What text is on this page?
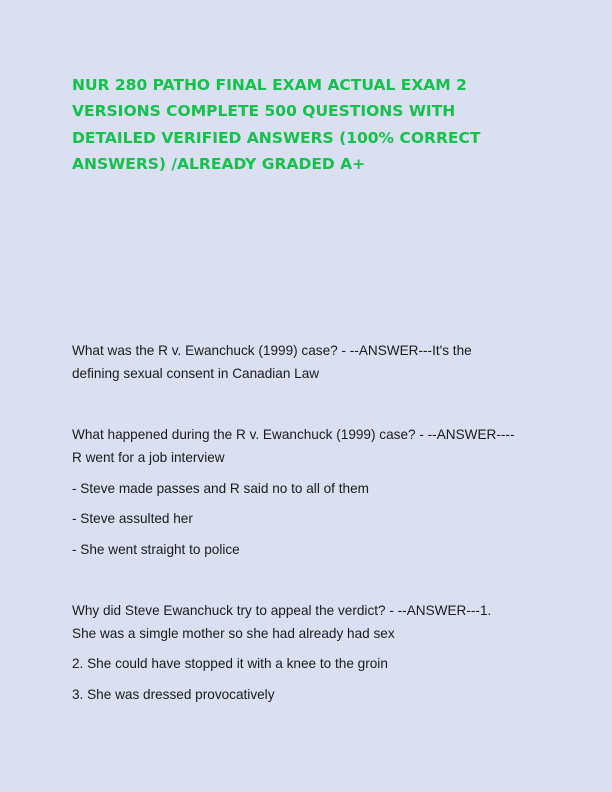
NUR 280 PATHO FINAL EXAM ACTUAL EXAM 2
VERSIONS COMPLETE 500 QUESTIONS WITH
DETAILED VERIFIED ANSWERS (100% CORRECT
ANSWERS) /ALREADY GRADED A+

What was the R v. Ewanchuck (1999) case? - --ANSWER---It's the

defining sexual consent in Canadian Law

What happened during the R v. Ewanchuck (1999) case? - --ANSWER----

R went for a job interview

- Steve made passes and R said no to all of them

- Steve assulted her

- She went straight to police

Why did Steve Ewanchuck try to appeal the verdict? - --ANSWER---1.

She was a simgle mother so she had already had sex

2. She could have stopped it with a knee to the groin

3. She was dressed provocatively
